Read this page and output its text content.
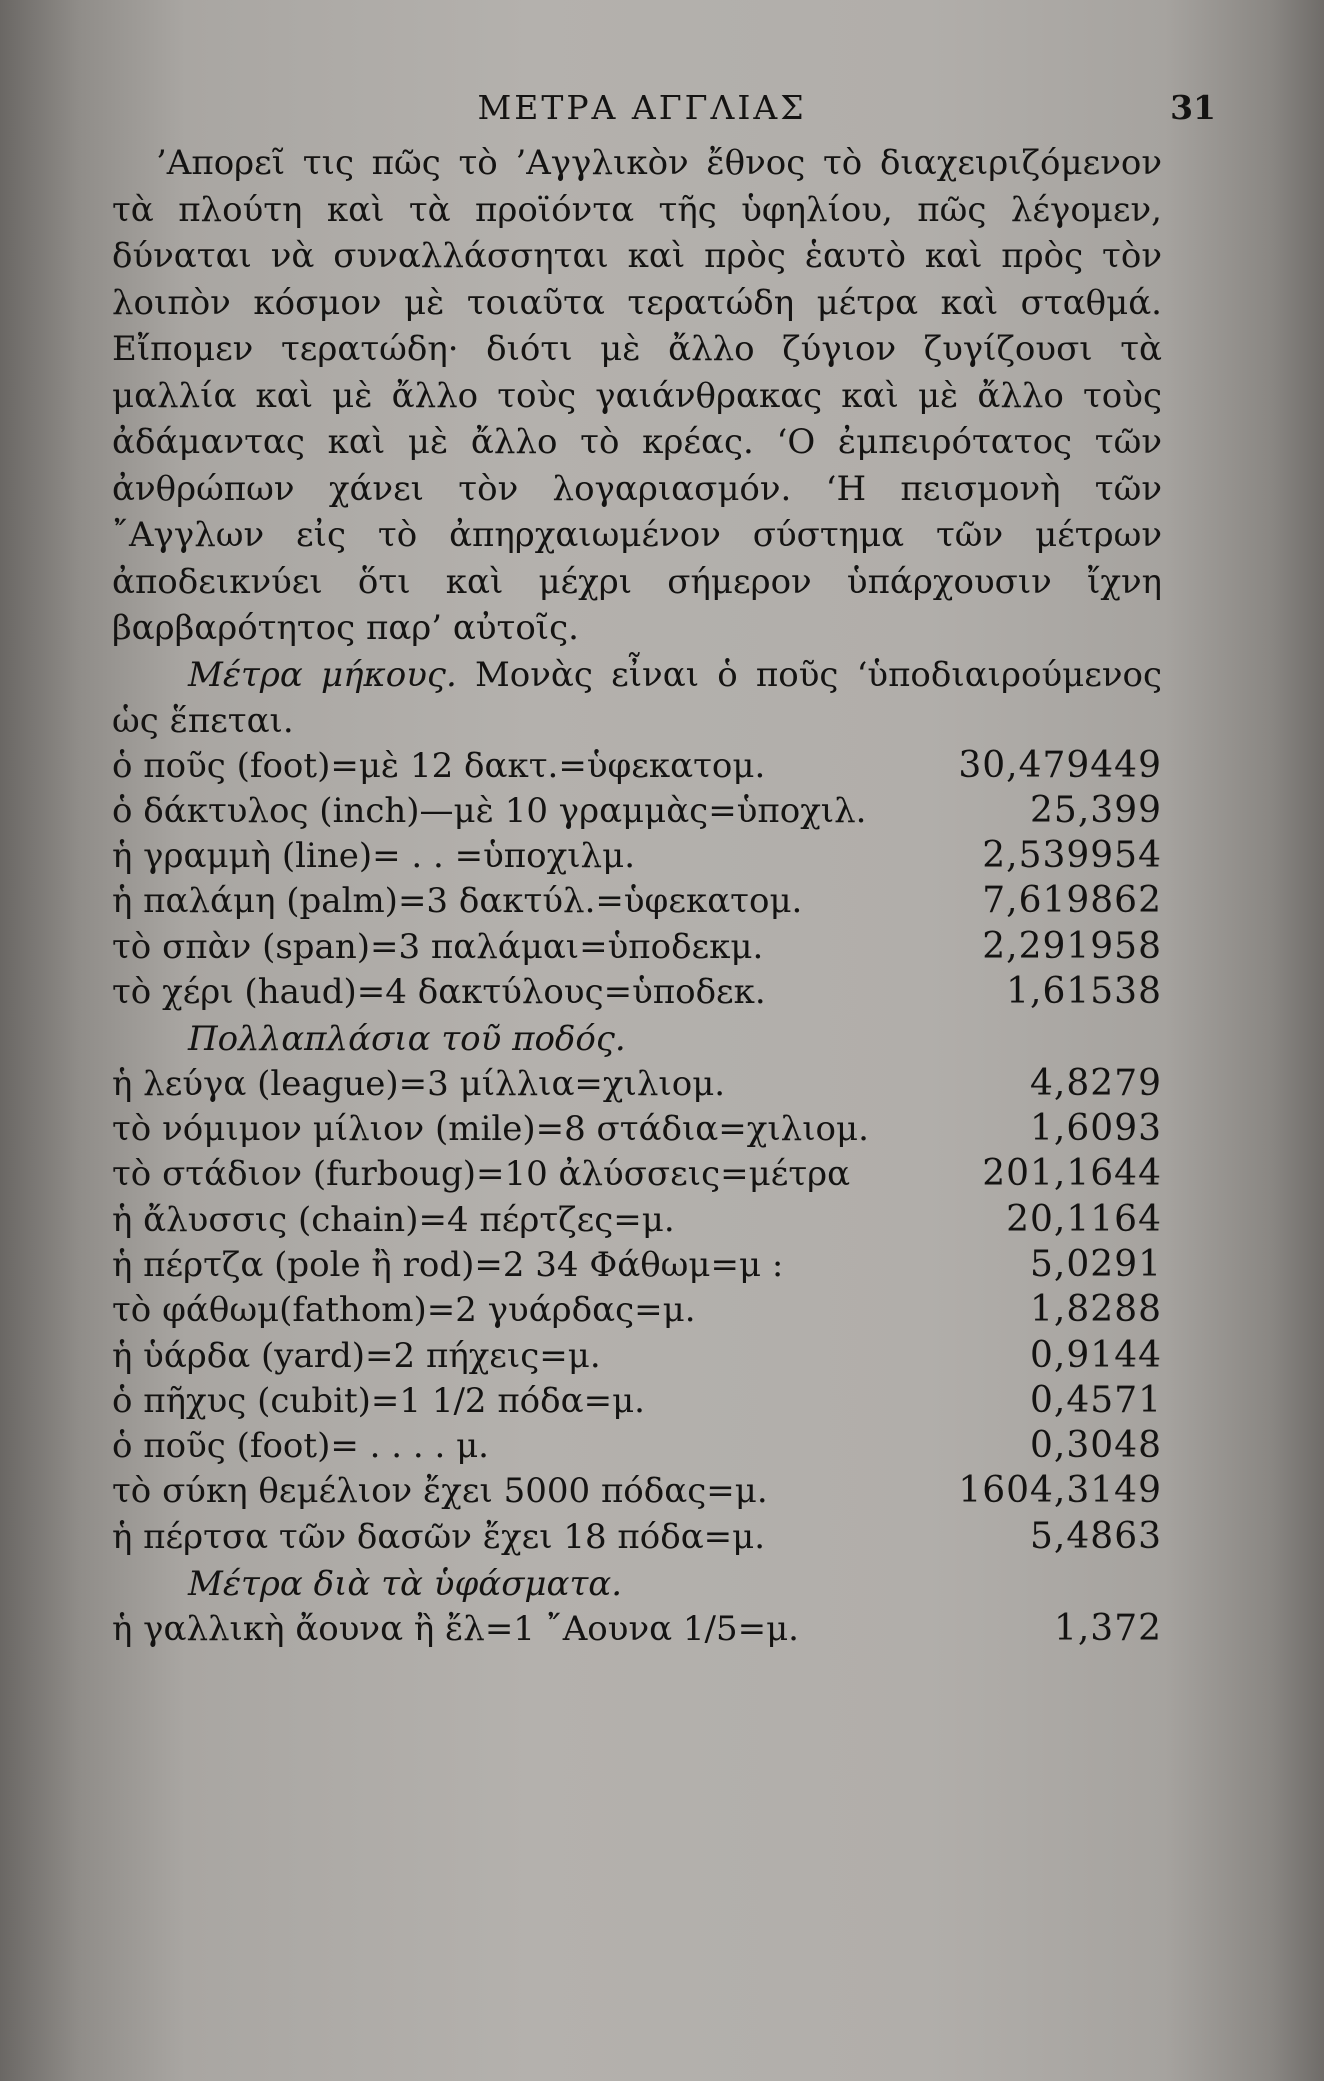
ΜΕΤΡΑ ΑΓΓΛΙΑΣ	31

’Απορεῖ τις πῶς τὸ ’Αγγλικὸν ἔθνος τὸ διαχειριζόμενον τὰ πλούτη καὶ τὰ προϊόντα τῆς ὑφηλίου, πῶς λέγομεν, δύναται νὰ συναλλάσσηται καὶ πρὸς ἑαυτὸ καὶ πρὸς τὸν λοιπὸν κόσμον μὲ τοιαῦτα τερατώδη μέτρα καὶ σταθμά. Εἴπομεν τερατώδη· διότι μὲ ἄλλο ζύγιον ζυγίζουσι τὰ μαλλία καὶ μὲ ἄλλο τοὺς γαιάνθρακας καὶ μὲ ἄλλο τοὺς ἀδάμαντας καὶ μὲ ἄλλο τὸ κρέας. ‘Ο ἐμπειρότατος τῶν ἀνθρώπων χάνει τὸν λογαριασμόν. ‘Η πεισμονὴ τῶν ῎Αγγλων εἰς τὸ ἀπηρχαιωμένον σύστημα τῶν μέτρων ἀποδεικνύει ὅτι καὶ μέχρι σήμερον ὑπάρχουσιν ἴχνη βαρβαρότητος παρ’ αὐτοῖς.

Μέτρα μήκους. Μονὰς εἶναι ὁ ποῦς ‘ὑποδιαιρούμενος ὡς ἕπεται.

ὁ ποῦς (foot)=μὲ 12 δακτ.=ὑφεκατομ.	30,479449
ὁ δάκτυλος (inch)—μὲ 10 γραμμὰς=ὑποχιλ.	25,399
ἡ γραμμὴ (line)= . . =ὑποχιλμ.	2,539954
ἡ παλάμη (palm)=3 δακτύλ.=ὑφεκατομ.	7,619862
τὸ σπὰν (span)=3 παλάμαι=ὑποδεκμ.	2,291958
τὸ χέρι (haud)=4 δακτύλους=ὑποδεκ.	1,61538

Πολλαπλάσια τοῦ ποδός.

ἡ λεύγα (league)=3 μίλλια=χιλιομ.	4,8279
τὸ νόμιμον μίλιον (mile)=8 στάδια=χιλιομ.	1,6093
τὸ στάδιον (furboug)=10 ἀλύσσεις=μέτρα	201,1644
ἡ ἄλυσσις (chain)=4 πέρτζες=μ.	20,1164
ἡ πέρτζα (pole ἢ rod)=2 34 Φάθωμ=μ :	5,0291
τὸ φάθωμ(fathom)=2 γυάρδας=μ.	1,8288
ἡ ὑάρδα (yard)=2 πήχεις=μ.	0,9144
ὁ πῆχυς (cubit)=1 1/2 πόδα=μ.	0,4571
ὁ ποῦς (foot)= . . . . μ.	0,3048
τὸ σύκη θεμέλιον ἔχει 5000 πόδας=μ.	1604,3149
ἡ πέρτσα τῶν δασῶν ἔχει 18 πόδα=μ.	5,4863

Μέτρα διὰ τὰ ὑφάσματα.

ἡ γαλλικὴ ἄουνα ἢ ἔλ=1 ῎Αουνα 1/5=μ.	1,372
